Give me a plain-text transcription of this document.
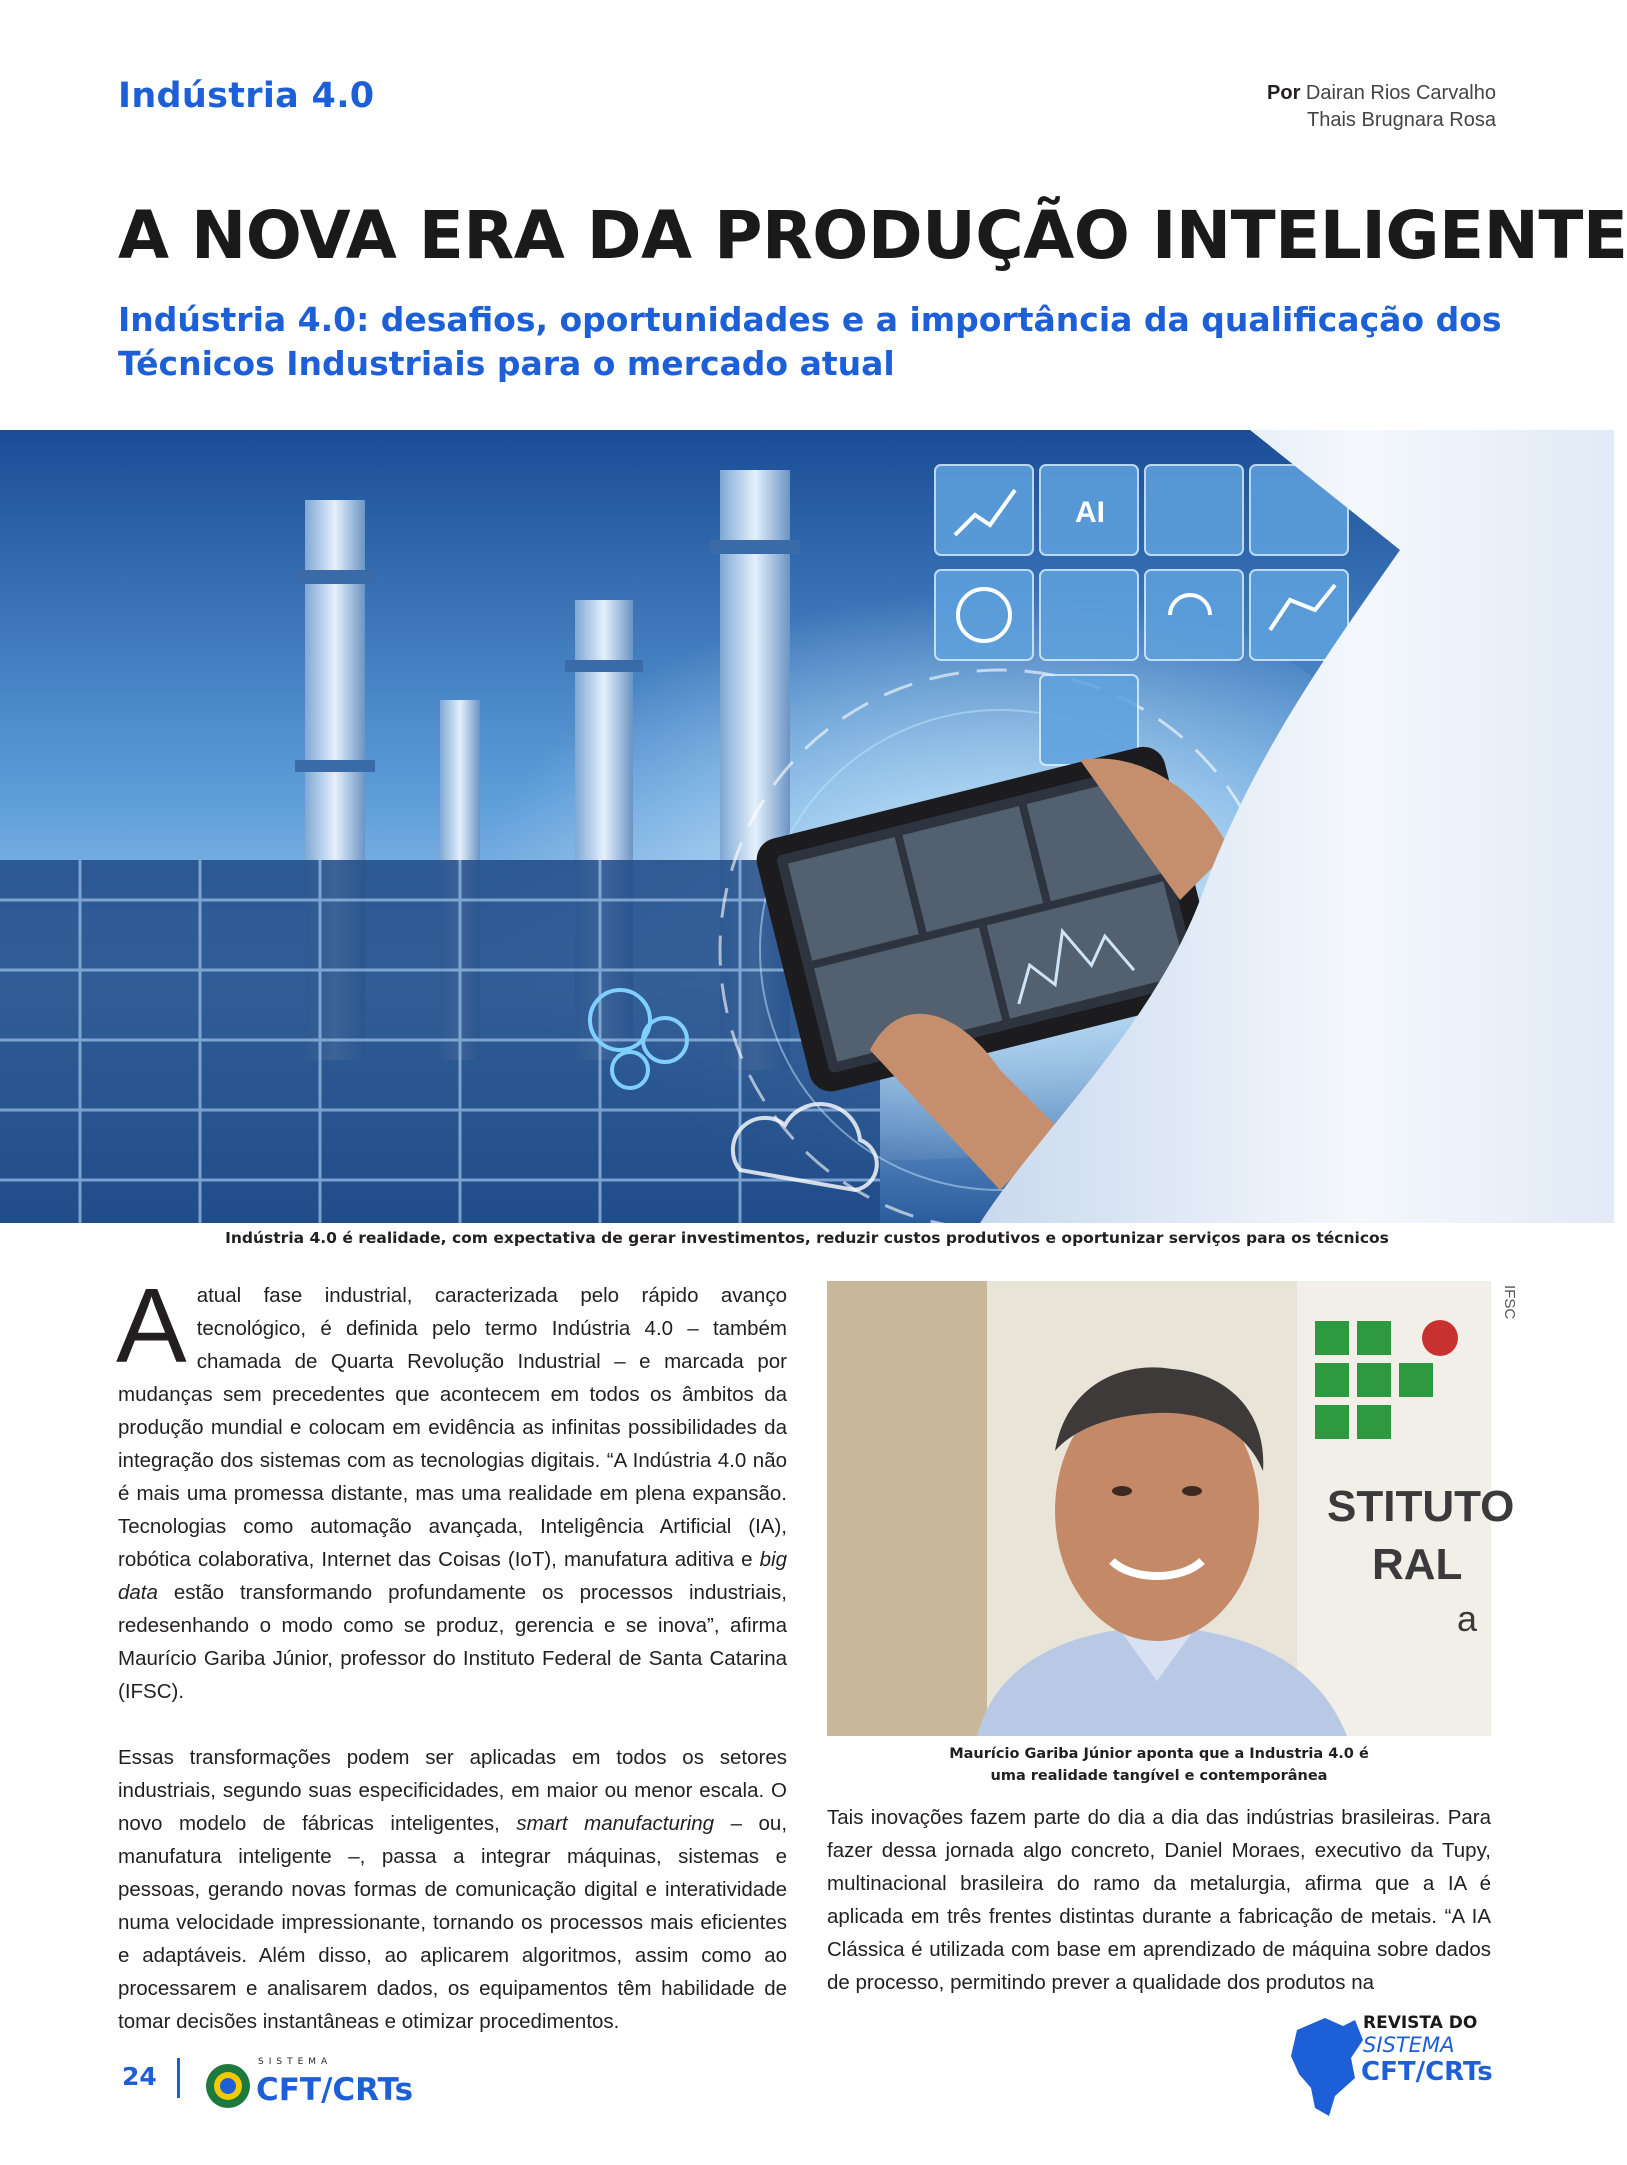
Indústria 4.0	Por Dairan Rios Carvalho
Thais Brugnara Rosa
A NOVA ERA DA PRODUÇÃO INTELIGENTE
Indústria 4.0: desafios, oportunidades e a importância da qualificação dos Técnicos Industriais para o mercado atual
AI
Indústria 4.0 é realidade, com expectativa de gerar investimentos, reduzir custos produtivos e oportunizar serviços para os técnicos

Aatual fase industrial, caracterizada pelo rápido avanço tecnológico, é definida pelo termo Indústria 4.0 – também chamada de Quarta Revolução Industrial – e marcada por mudanças sem precedentes que acontecem em todos os âmbitos da produção mundial e colocam em evidência as infinitas possibilidades da integração dos sistemas com as tecnologias digitais. “A Indústria 4.0 não é mais uma promessa distante, mas uma realidade em plena expansão. Tecnologias como automação avançada, Inteligência Artificial (IA), robótica colaborativa, Internet das Coisas (IoT), manufatura aditiva e big data estão transformando profundamente os processos industriais, redesenhando o modo como se produz, gerencia e se inova”, afirma Maurício Gariba Júnior, professor do Instituto Federal de Santa Catarina (IFSC).

Essas transformações podem ser aplicadas em todos os setores industriais, segundo suas especificidades, em maior ou menor escala. O novo modelo de fábricas inteligentes, smart manufacturing – ou, manufatura inteligente –, passa a integrar máquinas, sistemas e pessoas, gerando novas formas de comunicação digital e interatividade numa velocidade impressionante, tornando os processos mais eficientes e adaptáveis. Além disso, ao aplicarem algoritmos, assim como ao processarem e analisarem dados, os equipamentos têm habilidade de tomar decisões instantâneas e otimizar procedimentos.

IFSC
STITUTO
RAL
a
Maurício Gariba Júnior aponta que a Industria 4.0 é
uma realidade tangível e contemporânea

Tais inovações fazem parte do dia a dia das indústrias brasileiras. Para fazer dessa jornada algo concreto, Daniel Moraes, executivo da Tupy, multinacional brasileira do ramo da metalurgia, afirma que a IA é aplicada em três frentes distintas durante a fabricação de metais. “A IA Clássica é utilizada com base em aprendizado de máquina sobre dados de processo, permitindo prever a qualidade dos produtos na

24	SISTEMA
CFT/CRTs
REVISTA DO
SISTEMA
CFT/CRTs
